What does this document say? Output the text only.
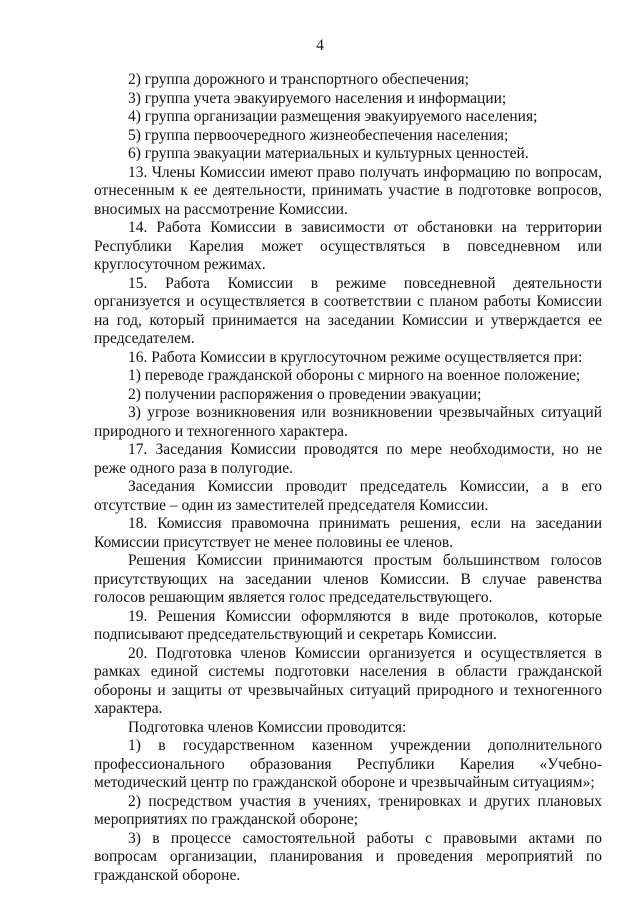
4

2) группа дорожного и транспортного обеспечения;

3) группа учета эвакуируемого населения и информации;

4) группа организации размещения эвакуируемого населения;

5) группа первоочередного жизнеобеспечения населения;

6) группа эвакуации материальных и культурных ценностей.

13. Члены Комиссии имеют право получать информацию по вопросам, отнесенным к ее деятельности, принимать участие в подготовке вопросов, вносимых на рассмотрение Комиссии.

14. Работа Комиссии в зависимости от обстановки на территории Республики Карелия может осуществляться в повседневном или круглосуточном режимах.

15. Работа Комиссии в режиме повседневной деятельности организуется и осуществляется в соответствии с планом работы Комиссии на год, который принимается на заседании Комиссии и утверждается ее председателем.

16. Работа Комиссии в круглосуточном режиме осуществляется при:

1) переводе гражданской обороны с мирного на военное положение;

2) получении распоряжения о проведении эвакуации;

3) угрозе возникновения или возникновении чрезвычайных ситуаций природного и техногенного характера.

17. Заседания Комиссии проводятся по мере необходимости, но не реже одного раза в полугодие.

Заседания Комиссии проводит председатель Комиссии, а в его отсутствие – один из заместителей председателя Комиссии.

18. Комиссия правомочна принимать решения, если на заседании Комиссии присутствует не менее половины ее членов.

Решения Комиссии принимаются простым большинством голосов присутствующих на заседании членов Комиссии. В случае равенства голосов решающим является голос председательствующего.

19. Решения Комиссии оформляются в виде протоколов, которые подписывают председательствующий и секретарь Комиссии.

20. Подготовка членов Комиссии организуется и осуществляется в рамках единой системы подготовки населения в области гражданской обороны и защиты от чрезвычайных ситуаций природного и техногенного характера.

Подготовка членов Комиссии проводится:

1) в государственном казенном учреждении дополнительного профессионального образования Республики Карелия «Учебно-методический центр по гражданской обороне и чрезвычайным ситуациям»;

2) посредством участия в учениях, тренировках и других плановых мероприятиях по гражданской обороне;

3) в процессе самостоятельной работы с правовыми актами по вопросам организации, планирования и проведения мероприятий по гражданской обороне.
